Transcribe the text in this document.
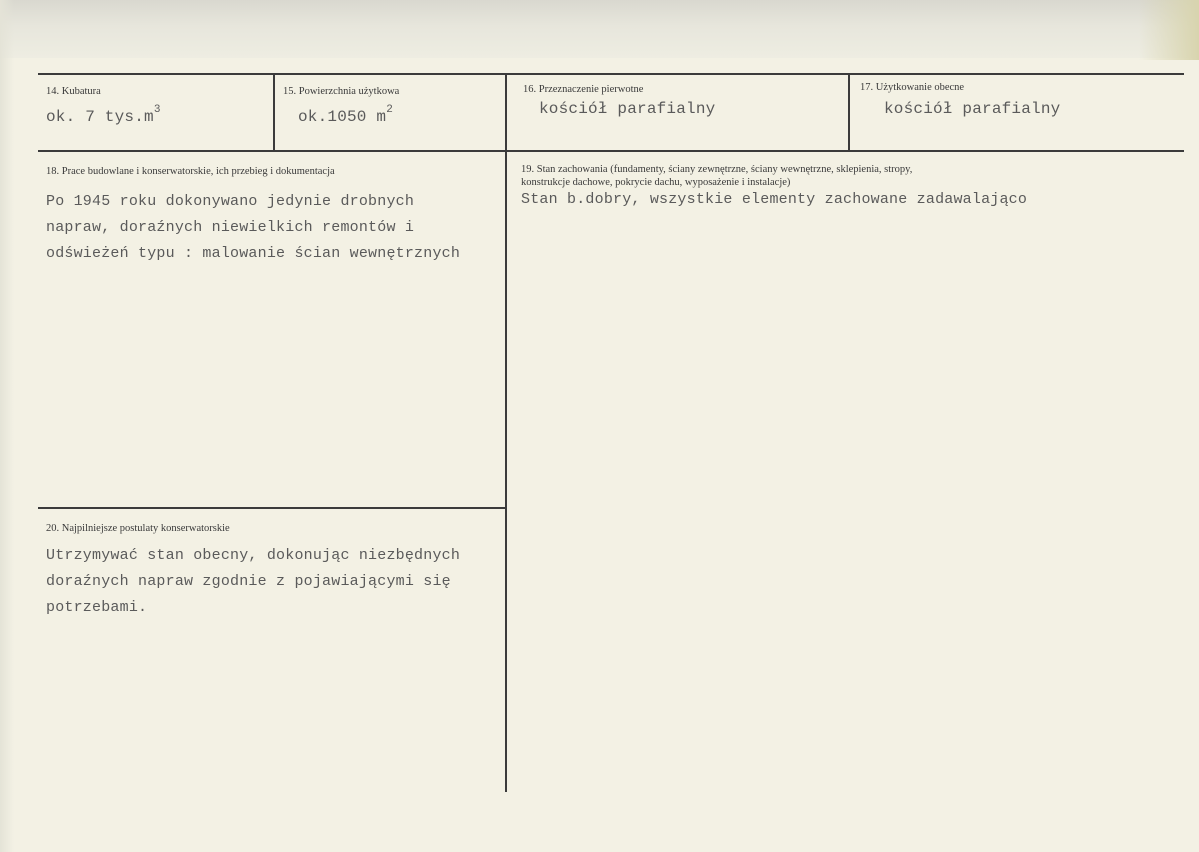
14. Kubatura
ok. 7 $tys.m^3$
15. Powierzchnia użytkowa
ok.1050 $m^2$
16. Przeznaczenie pierwotne
kościół parafialny
17. Użytkowanie obecne
kościół parafialny
18. Prace budowlane i konserwatorskie, ich przebieg i dokumentacja
Po 1945 roku dokonywano jedynie drobnych
napraw, doraźnych niewielkich remontów i
odświeżeń typu : malowanie ścian wewnętrznych
19. Stan zachowania (fundamenty, ściany zewnętrzne, ściany wewnętrzne, sklepienia, stropy,
konstrukcje dachowe, pokrycie dachu, wyposażenie i instalacje)
Stan b.dobry, wszystkie elementy zachowane zadawalająco
20. Najpilniejsze postulaty konserwatorskie
Utrzymywać stan obecny, dokonując niezbędnych
doraźnych napraw zgodnie z pojawiającymi się
potrzebami.
